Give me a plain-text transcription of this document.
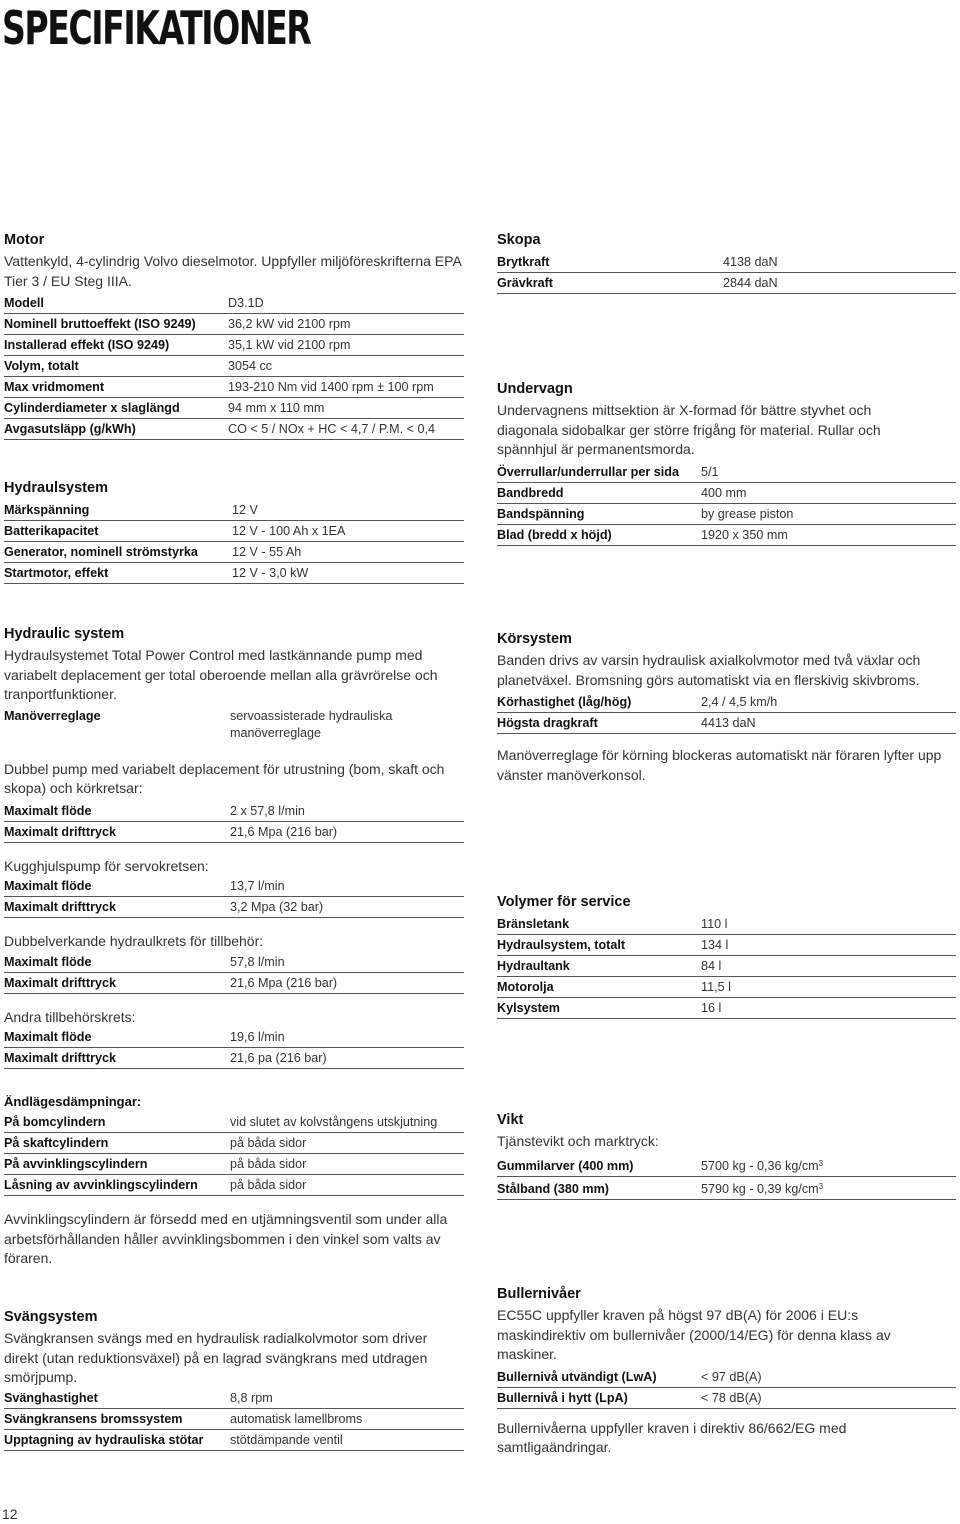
SPECIFIKATIONER

Motor

Vattenkyld, 4-cylindrig Volvo dieselmotor. Uppfyller miljöföreskrifterna EPA Tier 3 / EU Steg IIIA.

Modell	D3.1D
Nominell bruttoeffekt (ISO 9249)	36,2 kW vid 2100 rpm
Installerad effekt (ISO 9249)	35,1 kW vid 2100 rpm
Volym, totalt	3054 cc
Max vridmoment	193-210 Nm vid 1400 rpm ± 100 rpm
Cylinderdiameter x slaglängd	94 mm x 110 mm
Avgasutsläpp (g/kWh)	CO < 5 / NOx + HC < 4,7 / P.M. < 0,4

Hydraulsystem

Märkspänning	12 V
Batterikapacitet	12 V - 100 Ah x 1EA
Generator, nominell strömstyrka	12 V - 55 Ah
Startmotor, effekt	12 V - 3,0 kW

Hydraulic system

Hydraulsystemet Total Power Control med lastkännande pump med variabelt deplacement ger total oberoende mellan alla grävrörelse och tranportfunktioner.

Manöverreglage	servoassisterade hydrauliska manöverreglage

Dubbel pump med variabelt deplacement för utrustning (bom, skaft och skopa) och körkretsar:

Maximalt flöde	2 x 57,8 l/min
Maximalt drifttryck	21,6 Mpa (216 bar)

Kugghjulspump för servokretsen:

Maximalt flöde	13,7 l/min
Maximalt drifttryck	3,2 Mpa (32 bar)

Dubbelverkande hydraulkrets för tillbehör:

Maximalt flöde	57,8 l/min
Maximalt drifttryck	21,6 Mpa (216 bar)

Andra tillbehörskrets:

Maximalt flöde	19,6 l/min
Maximalt drifttryck	21,6 pa (216 bar)

Ändlägesdämpningar:

På bomcylindern	vid slutet av kolvstångens utskjutning
På skaftcylindern	på båda sidor
På avvinklingscylindern	på båda sidor
Låsning av avvinklingscylindern	på båda sidor

Avvinklingscylindern är försedd med en utjämningsventil som under alla arbetsförhållanden håller avvinklingsbommen i den vinkel som valts av föraren.

Svängsystem

Svängkransen svängs med en hydraulisk radialkolvmotor som driver direkt (utan reduktionsväxel) på en lagrad svängkrans med utdragen smörjpump.

Svänghastighet	8,8 rpm
Svängkransens bromssystem	automatisk lamellbroms
Upptagning av hydrauliska stötar	stötdämpande ventil

Skopa

Brytkraft	4138 daN
Grävkraft	2844 daN

Undervagn

Undervagnens mittsektion är X-formad för bättre styvhet och diagonala sidobalkar ger större frigång för material. Rullar och spännhjul är permanentsmorda.

Överrullar/underrullar per sida	5/1
Bandbredd	400 mm
Bandspänning	by grease piston
Blad (bredd x höjd)	1920 x 350 mm

Körsystem

Banden drivs av varsin hydraulisk axialkolvmotor med två växlar och planetväxel. Bromsning görs automatiskt via en flerskivig skivbroms.

Körhastighet (låg/hög)	2,4 / 4,5 km/h
Högsta dragkraft	4413 daN

Manöverreglage för körning blockeras automatiskt när föraren lyfter upp vänster manöverkonsol.

Volymer för service

Bränsletank	110 l
Hydraulsystem, totalt	134 l
Hydraultank	84 l
Motorolja	11,5 l
Kylsystem	16 l

Vikt

Tjänstevikt och marktryck:

Gummilarver (400 mm)	5700 kg - 0,36 $kg/cm^3$
Stålband (380 mm)	5790 kg - 0,39 $kg/cm^3$

Bullernivåer

EC55C uppfyller kraven på högst 97 dB(A) för 2006 i EU:s maskindirektiv om bullernivåer (2000/14/EG) för denna klass av maskiner.

Bullernivå utvändigt (LwA)	< 97 dB(A)
Bullernivå i hytt (LpA)	< 78 dB(A)

Bullernivåerna uppfyller kraven i direktiv 86/662/EG med samtligaändringar.

12
